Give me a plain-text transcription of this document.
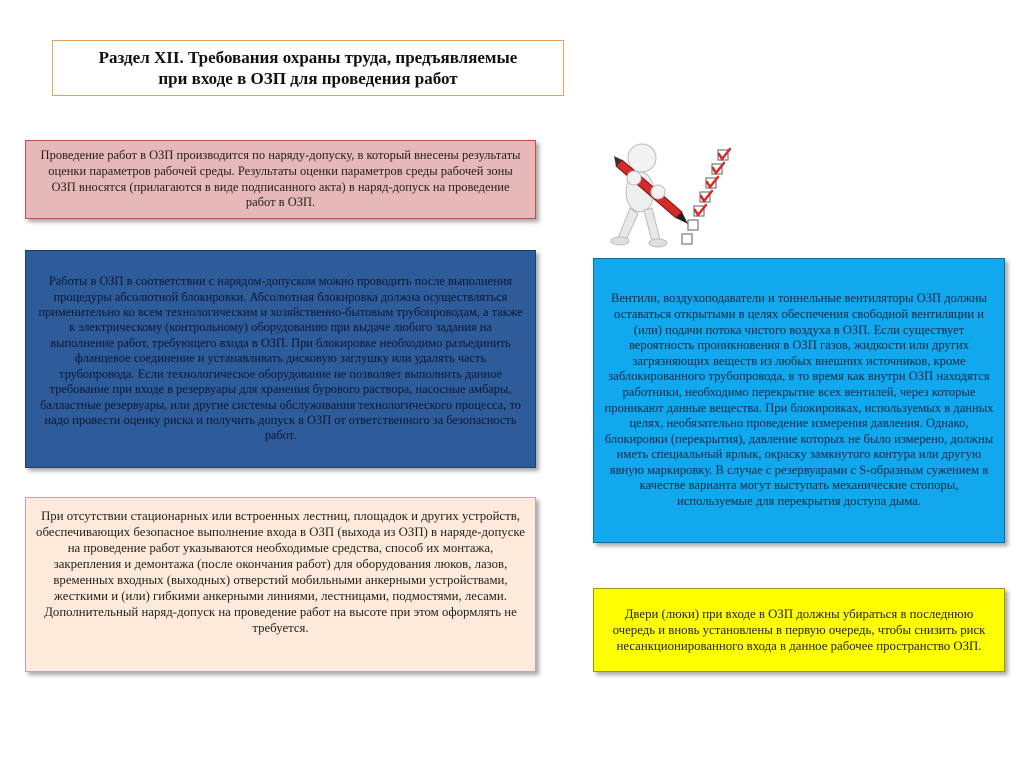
Раздел XII. Требования охраны труда, предъявляемые
при входе в ОЗП для проведения работ
Проведение работ в ОЗП производится по наряду-допуску, в который внесены результаты оценки параметров рабочей среды. Результаты оценки параметров среды рабочей зоны ОЗП вносятся (прилагаются в виде подписанного акта) в наряд-допуск на проведение работ в ОЗП.
Работы в ОЗП в соответствии с нарядом-допуском можно проводить после выполнения процедуры абсолютной блокировки. Абсолютная блокировка должна осуществляться применительно ко всем технологическим и хозяйственно-бытовым трубопроводам, а также к электрическому (контрольному) оборудованию при выдаче любого задания на выполнение работ, требующего входа в ОЗП. При блокировке необходимо разъединить фланцевое соединение и устанавливать дисковую заглушку или удалять часть трубопровода. Если технологическое оборудование не позволяет выполнить данное требование при входе в резервуары для хранения бурового раствора, насосные амбары, балластные резервуары, или другие системы обслуживания технологического процесса, то надо провести оценку риска и получить допуск в ОЗП от ответственного за безопасность работ.
При отсутствии стационарных или встроенных лестниц, площадок и других устройств, обеспечивающих безопасное выполнение входа в ОЗП (выхода из ОЗП) в наряде-допуске на проведение работ указываются необходимые средства, способ их монтажа, закрепления и демонтажа (после окончания работ) для оборудования люков, лазов, временных входных (выходных) отверстий мобильными анкерными устройствами, жесткими и (или) гибкими анкерными линиями, лестницами, подмостями, лесами. Дополнительный наряд-допуск на проведение работ на высоте при этом оформлять не требуется.
Вентили, воздухоподаватели и тоннельные вентиляторы ОЗП должны оставаться открытыми в целях обеспечения свободной вентиляции и (или) подачи потока чистого воздуха в ОЗП. Если существует вероятность проникновения в ОЗП газов, жидкости или других загрязняющих веществ из любых внешних источников, кроме заблокированного трубопровода, в то время как внутри ОЗП находятся работники, необходимо перекрытие всех вентилей, через которые проникают данные вещества. При блокировках, используемых в данных целях, необязательно проведение измерения давления. Однако, блокировки (перекрытия), давление которых не было измерено, должны иметь специальный ярлык, окраску замкнутого контура или другую явную маркировку. В случае с резервуарами с S-образным сужением в качестве варианта могут выступать механические стопоры, используемые для перекрытия доступа дыма.
Двери (люки) при входе в ОЗП должны убираться в последнюю очередь и вновь установлены в первую очередь, чтобы снизить риск несанкционированного входа в данное рабочее пространство ОЗП.
